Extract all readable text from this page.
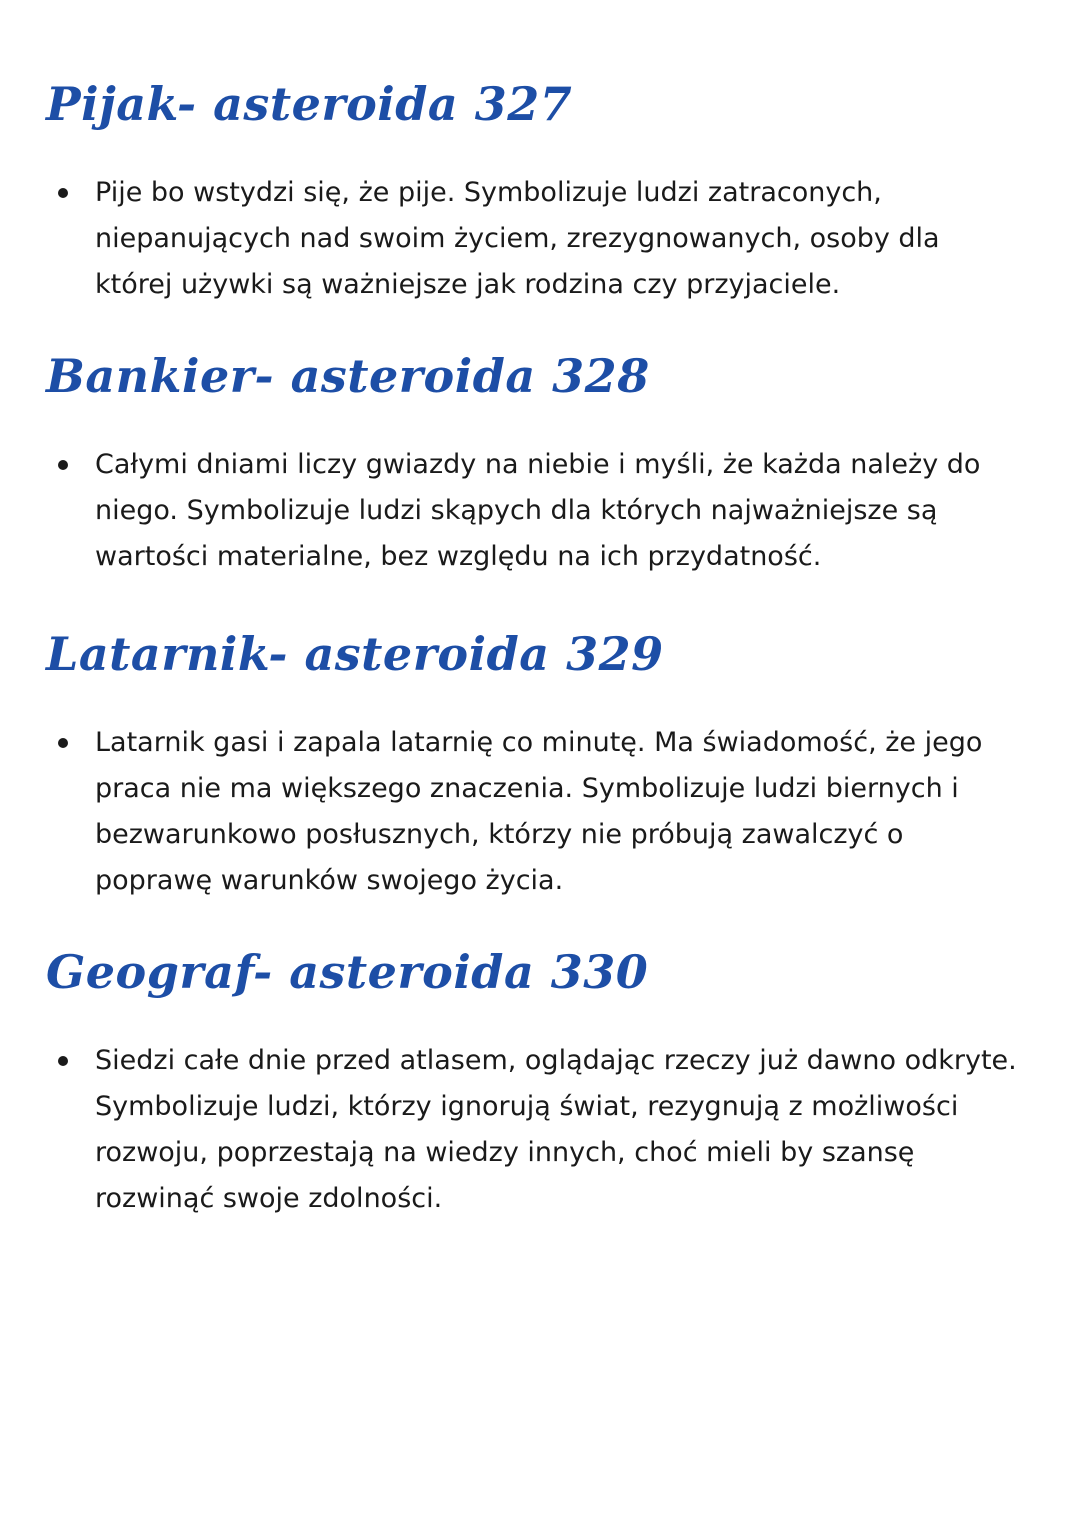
Pijak- asteroida 327
Pije bo wstydzi się, że pije. Symbolizuje ludzi zatraconych, niepanujących nad swoim życiem, zrezygnowanych, osoby dla której używki są ważniejsze jak rodzina czy przyjaciele.
Bankier- asteroida 328
Całymi dniami liczy gwiazdy na niebie i myśli, że każda należy do niego. Symbolizuje ludzi skąpych dla których najważniejsze są wartości materialne, bez względu na ich przydatność.
Latarnik- asteroida 329
Latarnik gasi i zapala latarnię co minutę. Ma świadomość, że jego praca nie ma większego znaczenia. Symbolizuje ludzi biernych i bezwarunkowo posłusznych, którzy nie próbują zawalczyć o poprawę warunków swojego życia.
Geograf- asteroida 330
Siedzi całe dnie przed atlasem, oglądając rzeczy już dawno odkryte. Symbolizuje ludzi, którzy ignorują świat, rezygnują z możliwości rozwoju, poprzestają na wiedzy innych, choć mieli by szansę rozwinąć swoje zdolności.
